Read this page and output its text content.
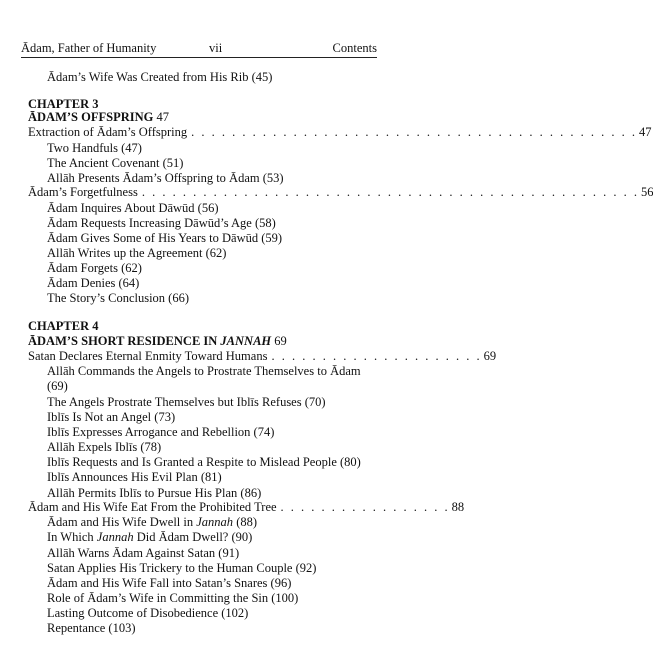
Ādam, Father of Humanity	vii	Contents
Ādam’s Wife Was Created from His Rib (45)
CHAPTER 3
ĀDAM’S OFFSPRING 47
Extraction of Ādam’s Offspring . . . . . . . . . . . . . . . . . . . . . . . . . . . . . . . . . . . . . . . . . . . . 47
Two Handfuls (47)
The Ancient Covenant (51)
Allāh Presents Ādam’s Offspring to Ādam (53)
Ādam’s Forgetfulness . . . . . . . . . . . . . . . . . . . . . . . . . . . . . . . . . . . . . . . . . . . . . . . . . 56
Ādam Inquires About Dāwūd (56)
Ādam Requests Increasing Dāwūd’s Age (58)
Ādam Gives Some of His Years to Dāwūd (59)
Allāh Writes up the Agreement (62)
Ādam Forgets (62)
Ādam Denies (64)
The Story’s Conclusion (66)
CHAPTER 4
ĀDAM’S SHORT RESIDENCE IN JANNAH 69
Satan Declares Eternal Enmity Toward Humans . . . . . . . . . . . . . . . . . . . . . 69
Allāh Commands the Angels to Prostrate Themselves to Ādam
(69)
The Angels Prostrate Themselves but Iblīs Refuses (70)
Iblīs Is Not an Angel (73)
Iblīs Expresses Arrogance and Rebellion (74)
Allāh Expels Iblīs (78)
Iblīs Requests and Is Granted a Respite to Mislead People (80)
Iblīs Announces His Evil Plan (81)
Allāh Permits Iblīs to Pursue His Plan (86)
Ādam and His Wife Eat From the Prohibited Tree . . . . . . . . . . . . . . . . . 88
Ādam and His Wife Dwell in Jannah (88)
In Which Jannah Did Ādam Dwell? (90)
Allāh Warns Ādam Against Satan (91)
Satan Applies His Trickery to the Human Couple (92)
Ādam and His Wife Fall into Satan’s Snares (96)
Role of Ādam’s Wife in Committing the Sin (100)
Lasting Outcome of Disobedience (102)
Repentance (103)
